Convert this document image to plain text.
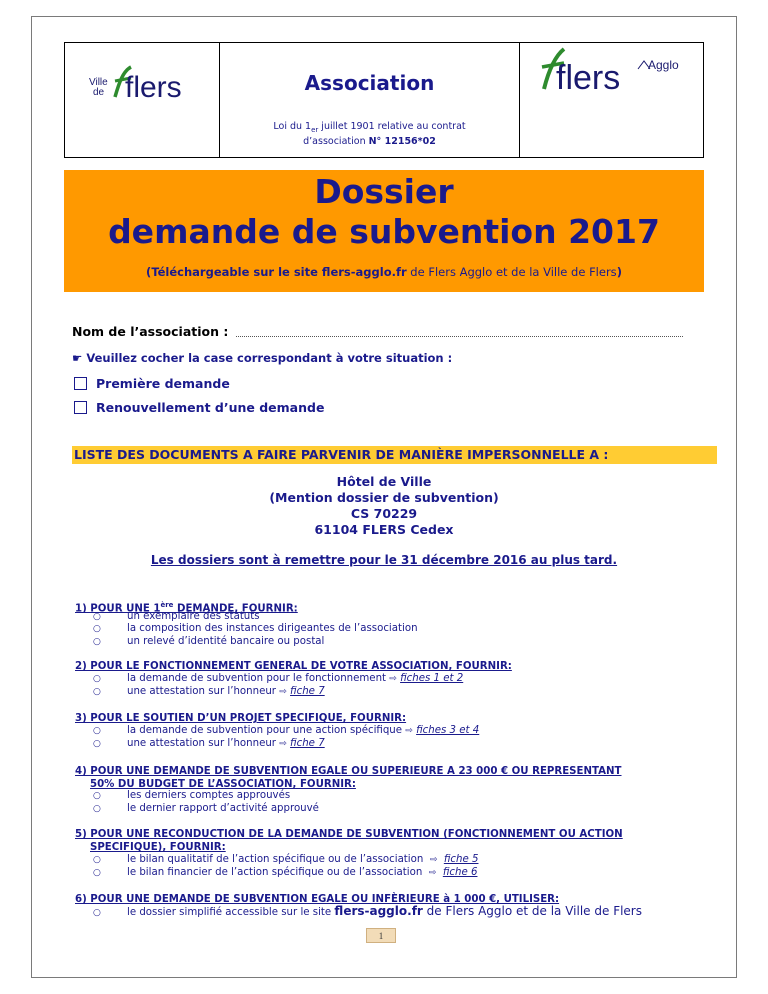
Ville
de flers	Association
Loi du $1_{er}$ juillet 1901 relative au contrat
d’association N° 12156*02
flers Agglo
Dossier
demande de subvention 2017
(Téléchargeable sur le site flers-agglo.fr de Flers Agglo et de la Ville de Flers)
Nom de l’association :
☛ Veuillez cocher la case correspondant à votre situation :
Première demande
Renouvellement d’une demande
LISTE DES DOCUMENTS A FAIRE PARVENIR DE MANIÈRE IMPERSONNELLE A :
Hôtel de Ville
(Mention dossier de subvention)
CS 70229
61104 FLERS Cedex
Les dossiers sont à remettre pour le 31 décembre 2016 au plus tard.
1) POUR UNE 1ère DEMANDE, FOURNIR:
○	un exemplaire des statuts
○	la composition des instances dirigeantes de l’association
○	un relevé d’identité bancaire ou postal
2) POUR LE FONCTIONNEMENT GENERAL DE VOTRE ASSOCIATION, FOURNIR:
○	la demande de subvention pour le fonctionnement ⇨ fiches 1 et 2
○	une attestation sur l’honneur ⇨ fiche 7
3) POUR LE SOUTIEN D’UN PROJET SPECIFIQUE, FOURNIR:
○	la demande de subvention pour une action spécifique ⇨ fiches 3 et 4
○	une attestation sur l’honneur ⇨ fiche 7
4) POUR UNE DEMANDE DE SUBVENTION EGALE OU SUPERIEURE A 23 000 € OU REPRESENTANT
50% DU BUDGET DE L’ASSOCIATION, FOURNIR:
○	les derniers comptes approuvés
○	le dernier rapport d’activité approuvé
5) POUR UNE RECONDUCTION DE LA DEMANDE DE SUBVENTION (FONCTIONNEMENT OU ACTION
SPECIFIQUE), FOURNIR:
○	le bilan qualitatif de l’action spécifique ou de l’association ⇨ fiche 5
○	le bilan financier de l’action spécifique ou de l’association ⇨ fiche 6
6) POUR UNE DEMANDE DE SUBVENTION EGALE OU INFÈRIEURE à 1 000 €, UTILISER:
○	le dossier simplifié accessible sur le site flers-agglo.fr de Flers Agglo et de la Ville de Flers
1
